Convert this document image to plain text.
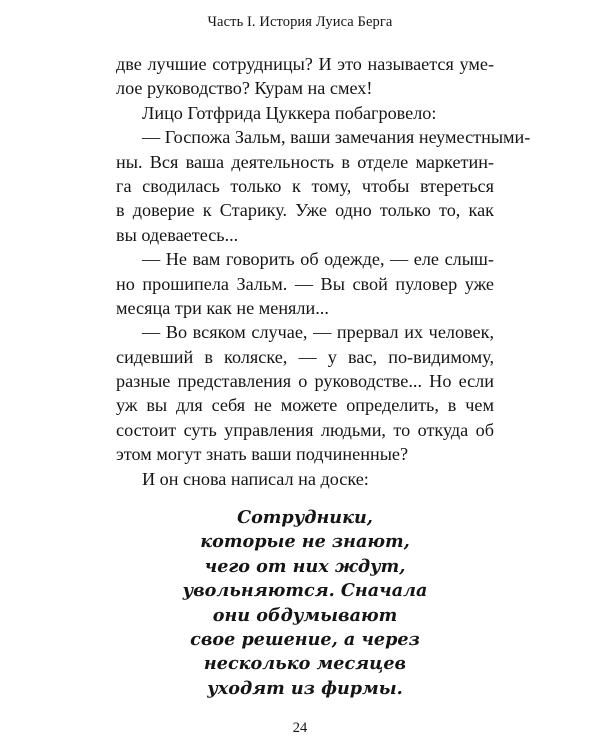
Часть I. История Луиса Берга
две лучшие сотрудницы? И это называется уме-
лое руководство? Курам на смех!
Лицо Готфрида Цуккера побагровело:
— Госпожа Зальм, ваши замечания неуместными-
ны. Вся ваша деятельность в отделе маркетин-
га сводилась только к тому, чтобы втереться
в доверие к Старику. Уже одно только то, как
вы одеваетесь...
— Не вам говорить об одежде, — еле слыш-
но прошипела Зальм. — Вы свой пуловер уже
месяца три как не меняли...
— Во всяком случае, — прервал их человек,
сидевший в коляске, — у вас, по-видимому,
разные представления о руководстве... Но если
уж вы для себя не можете определить, в чем
состоит суть управления людьми, то откуда об
этом могут знать ваши подчиненные?
И он снова написал на доске:
Сотрудники,
которые не знают,
чего от них ждут,
увольняются. Сначала
они обдумывают
свое решение, а через
несколько месяцев
уходят из фирмы.
24
